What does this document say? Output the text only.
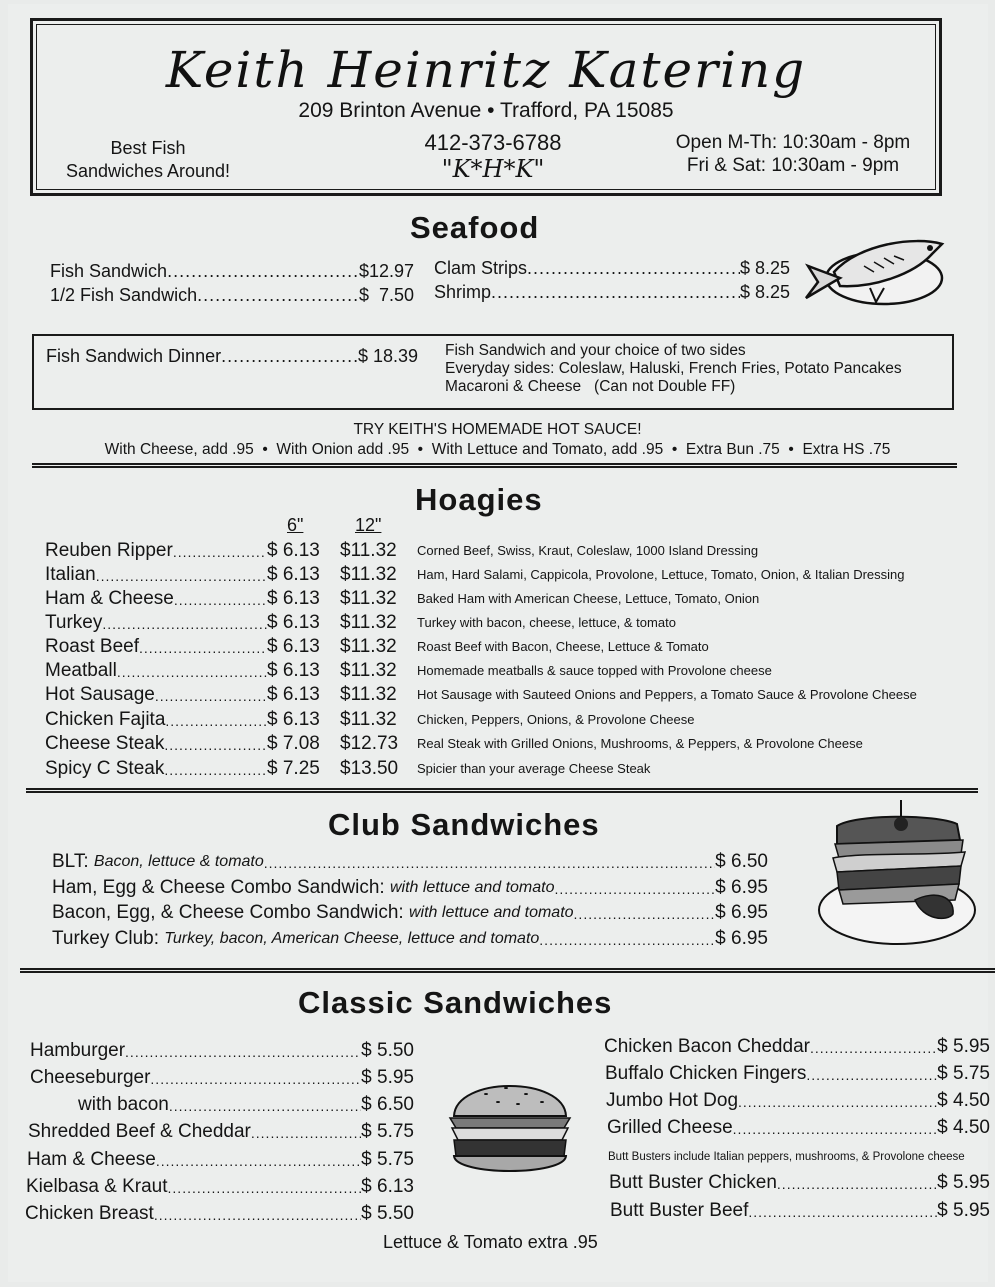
Keith Heinritz Katering
209 Brinton Avenue • Trafford, PA 15085
Best Fish
Sandwiches Around!
412-373-6788
"K*H*K"
Open M-Th: 10:30am - 8pm
Fri & Sat: 10:30am - 9pm
Seafood
Fish Sandwich .....	$12.97
1/2 Fish Sandwich .....	$  7.50
Clam Strips .....	$ 8.25
Shrimp .....	$ 8.25
Fish Sandwich Dinner .....	$ 18.39 Fish Sandwich and your choice of two sides
Everyday sides: Coleslaw, Haluski, French Fries, Potato Pancakes
Macaroni & Cheese   (Can not Double FF)
TRY KEITH'S HOMEMADE HOT SAUCE!
With Cheese, add .95  •  With Onion add .95  •  With Lettuce and Tomato, add .95  •  Extra Bun .75  •  Extra HS .75
Hoagies
6"	12"
Reuben Ripper .....	$ 6.13 $11.32 Corned Beef, Swiss, Kraut, Coleslaw, 1000 Island Dressing
Italian .....	$ 6.13 $11.32 Ham, Hard Salami, Cappicola, Provolone, Lettuce, Tomato, Onion, & Italian Dressing
Ham & Cheese .....	$ 6.13 $11.32 Baked Ham with American Cheese, Lettuce, Tomato, Onion
Turkey .....	$ 6.13 $11.32 Turkey with bacon, cheese, lettuce, & tomato
Roast Beef .....	$ 6.13 $11.32 Roast Beef with Bacon, Cheese, Lettuce & Tomato
Meatball .....	$ 6.13 $11.32 Homemade meatballs & sauce topped with Provolone cheese
Hot Sausage .....	$ 6.13 $11.32 Hot Sausage with Sauteed Onions and Peppers, a Tomato Sauce & Provolone Cheese
Chicken Fajita .....	$ 6.13 $11.32 Chicken, Peppers, Onions, & Provolone Cheese
Cheese Steak .....	$ 7.08 $12.73 Real Steak with Grilled Onions, Mushrooms, & Peppers, & Provolone Cheese
Spicy C Steak .....	$ 7.25 $13.50 Spicier than your average Cheese Steak
Club Sandwiches
BLT:
Bacon, lettuce & tomato .....	$ 6.50
Ham, Egg & Cheese Combo Sandwich:
with lettuce and tomato .....	$ 6.95
Bacon, Egg, & Cheese Combo Sandwich:
with lettuce and tomato .....	$ 6.95
Turkey Club:
Turkey, bacon, American Cheese, lettuce and tomato .....	$ 6.95
Classic Sandwiches
Hamburger .....	$ 5.50
Cheeseburger .....	$ 5.95
with bacon .....	$ 6.50
Shredded Beef & Cheddar .....	$ 5.75
Ham & Cheese .....	$ 5.75
Kielbasa & Kraut .....	$ 6.13
Chicken Breast .....	$ 5.50
Chicken Bacon Cheddar .....	$ 5.95
Buffalo Chicken Fingers .....	$ 5.75
Jumbo Hot Dog .....	$ 4.50
Grilled Cheese .....	$ 4.50
Butt Buster Chicken .....	$ 5.95
Butt Buster Beef .....	$ 5.95
Butt Busters include Italian peppers, mushrooms, & Provolone cheese
Lettuce & Tomato extra .95
